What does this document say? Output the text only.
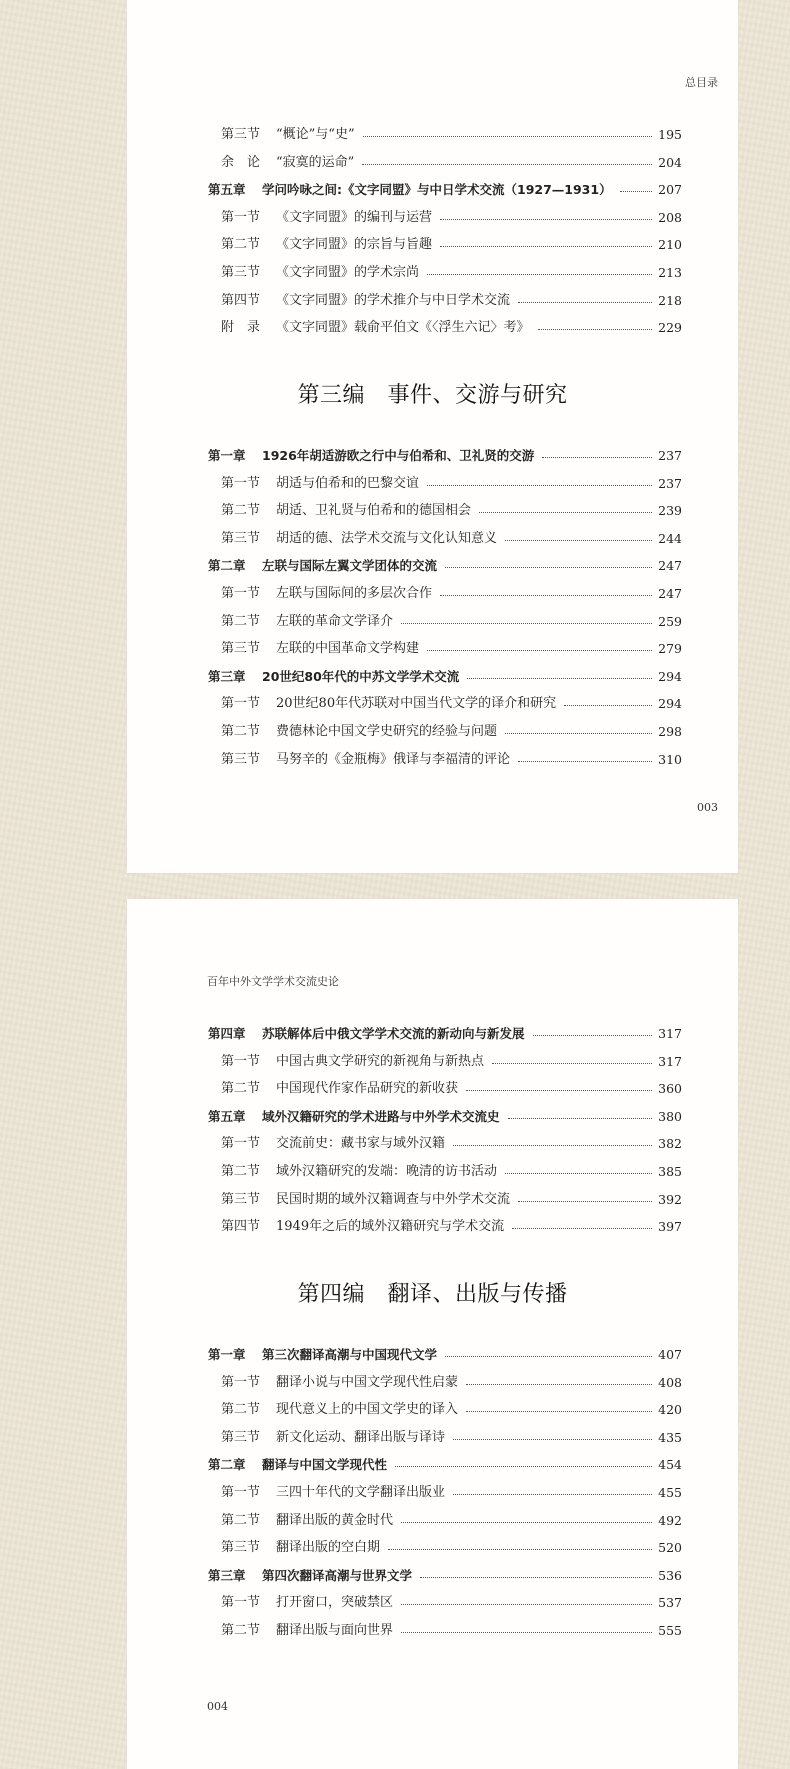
总目录
第三节	“概论”与“史”	195
余　论	“寂寞的运命”	204
第五章	学问吟咏之间:《文字同盟》与中日学术交流（1927—1931）	207
第一节	《文字同盟》的编刊与运营	208
第二节	《文字同盟》的宗旨与旨趣	210
第三节	《文字同盟》的学术宗尚	213
第四节	《文字同盟》的学术推介与中日学术交流	218
附　录	《文字同盟》载俞平伯文《〈浮生六记〉考》	229
第三编　事件、交游与研究
第一章	1926年胡适游欧之行中与伯希和、卫礼贤的交游	237
第一节	胡适与伯希和的巴黎交谊	237
第二节	胡适、卫礼贤与伯希和的德国相会	239
第三节	胡适的德、法学术交流与文化认知意义	244
第二章	左联与国际左翼文学团体的交流	247
第一节	左联与国际间的多层次合作	247
第二节	左联的革命文学译介	259
第三节	左联的中国革命文学构建	279
第三章	20世纪80年代的中苏文学学术交流	294
第一节	20世纪80年代苏联对中国当代文学的译介和研究	294
第二节	费德林论中国文学史研究的经验与问题	298
第三节	马努辛的《金瓶梅》俄译与李福清的评论	310
003
百年中外文学学术交流史论
第四章	苏联解体后中俄文学学术交流的新动向与新发展	317
第一节	中国古典文学研究的新视角与新热点	317
第二节	中国现代作家作品研究的新收获	360
第五章	域外汉籍研究的学术进路与中外学术交流史	380
第一节	交流前史：藏书家与域外汉籍	382
第二节	域外汉籍研究的发端：晚清的访书活动	385
第三节	民国时期的域外汉籍调查与中外学术交流	392
第四节	1949年之后的域外汉籍研究与学术交流	397
第四编　翻译、出版与传播
第一章	第三次翻译高潮与中国现代文学	407
第一节	翻译小说与中国文学现代性启蒙	408
第二节	现代意义上的中国文学史的译入	420
第三节	新文化运动、翻译出版与译诗	435
第二章	翻译与中国文学现代性	454
第一节	三四十年代的文学翻译出版业	455
第二节	翻译出版的黄金时代	492
第三节	翻译出版的空白期	520
第三章	第四次翻译高潮与世界文学	536
第一节	打开窗口，突破禁区	537
第二节	翻译出版与面向世界	555
004
